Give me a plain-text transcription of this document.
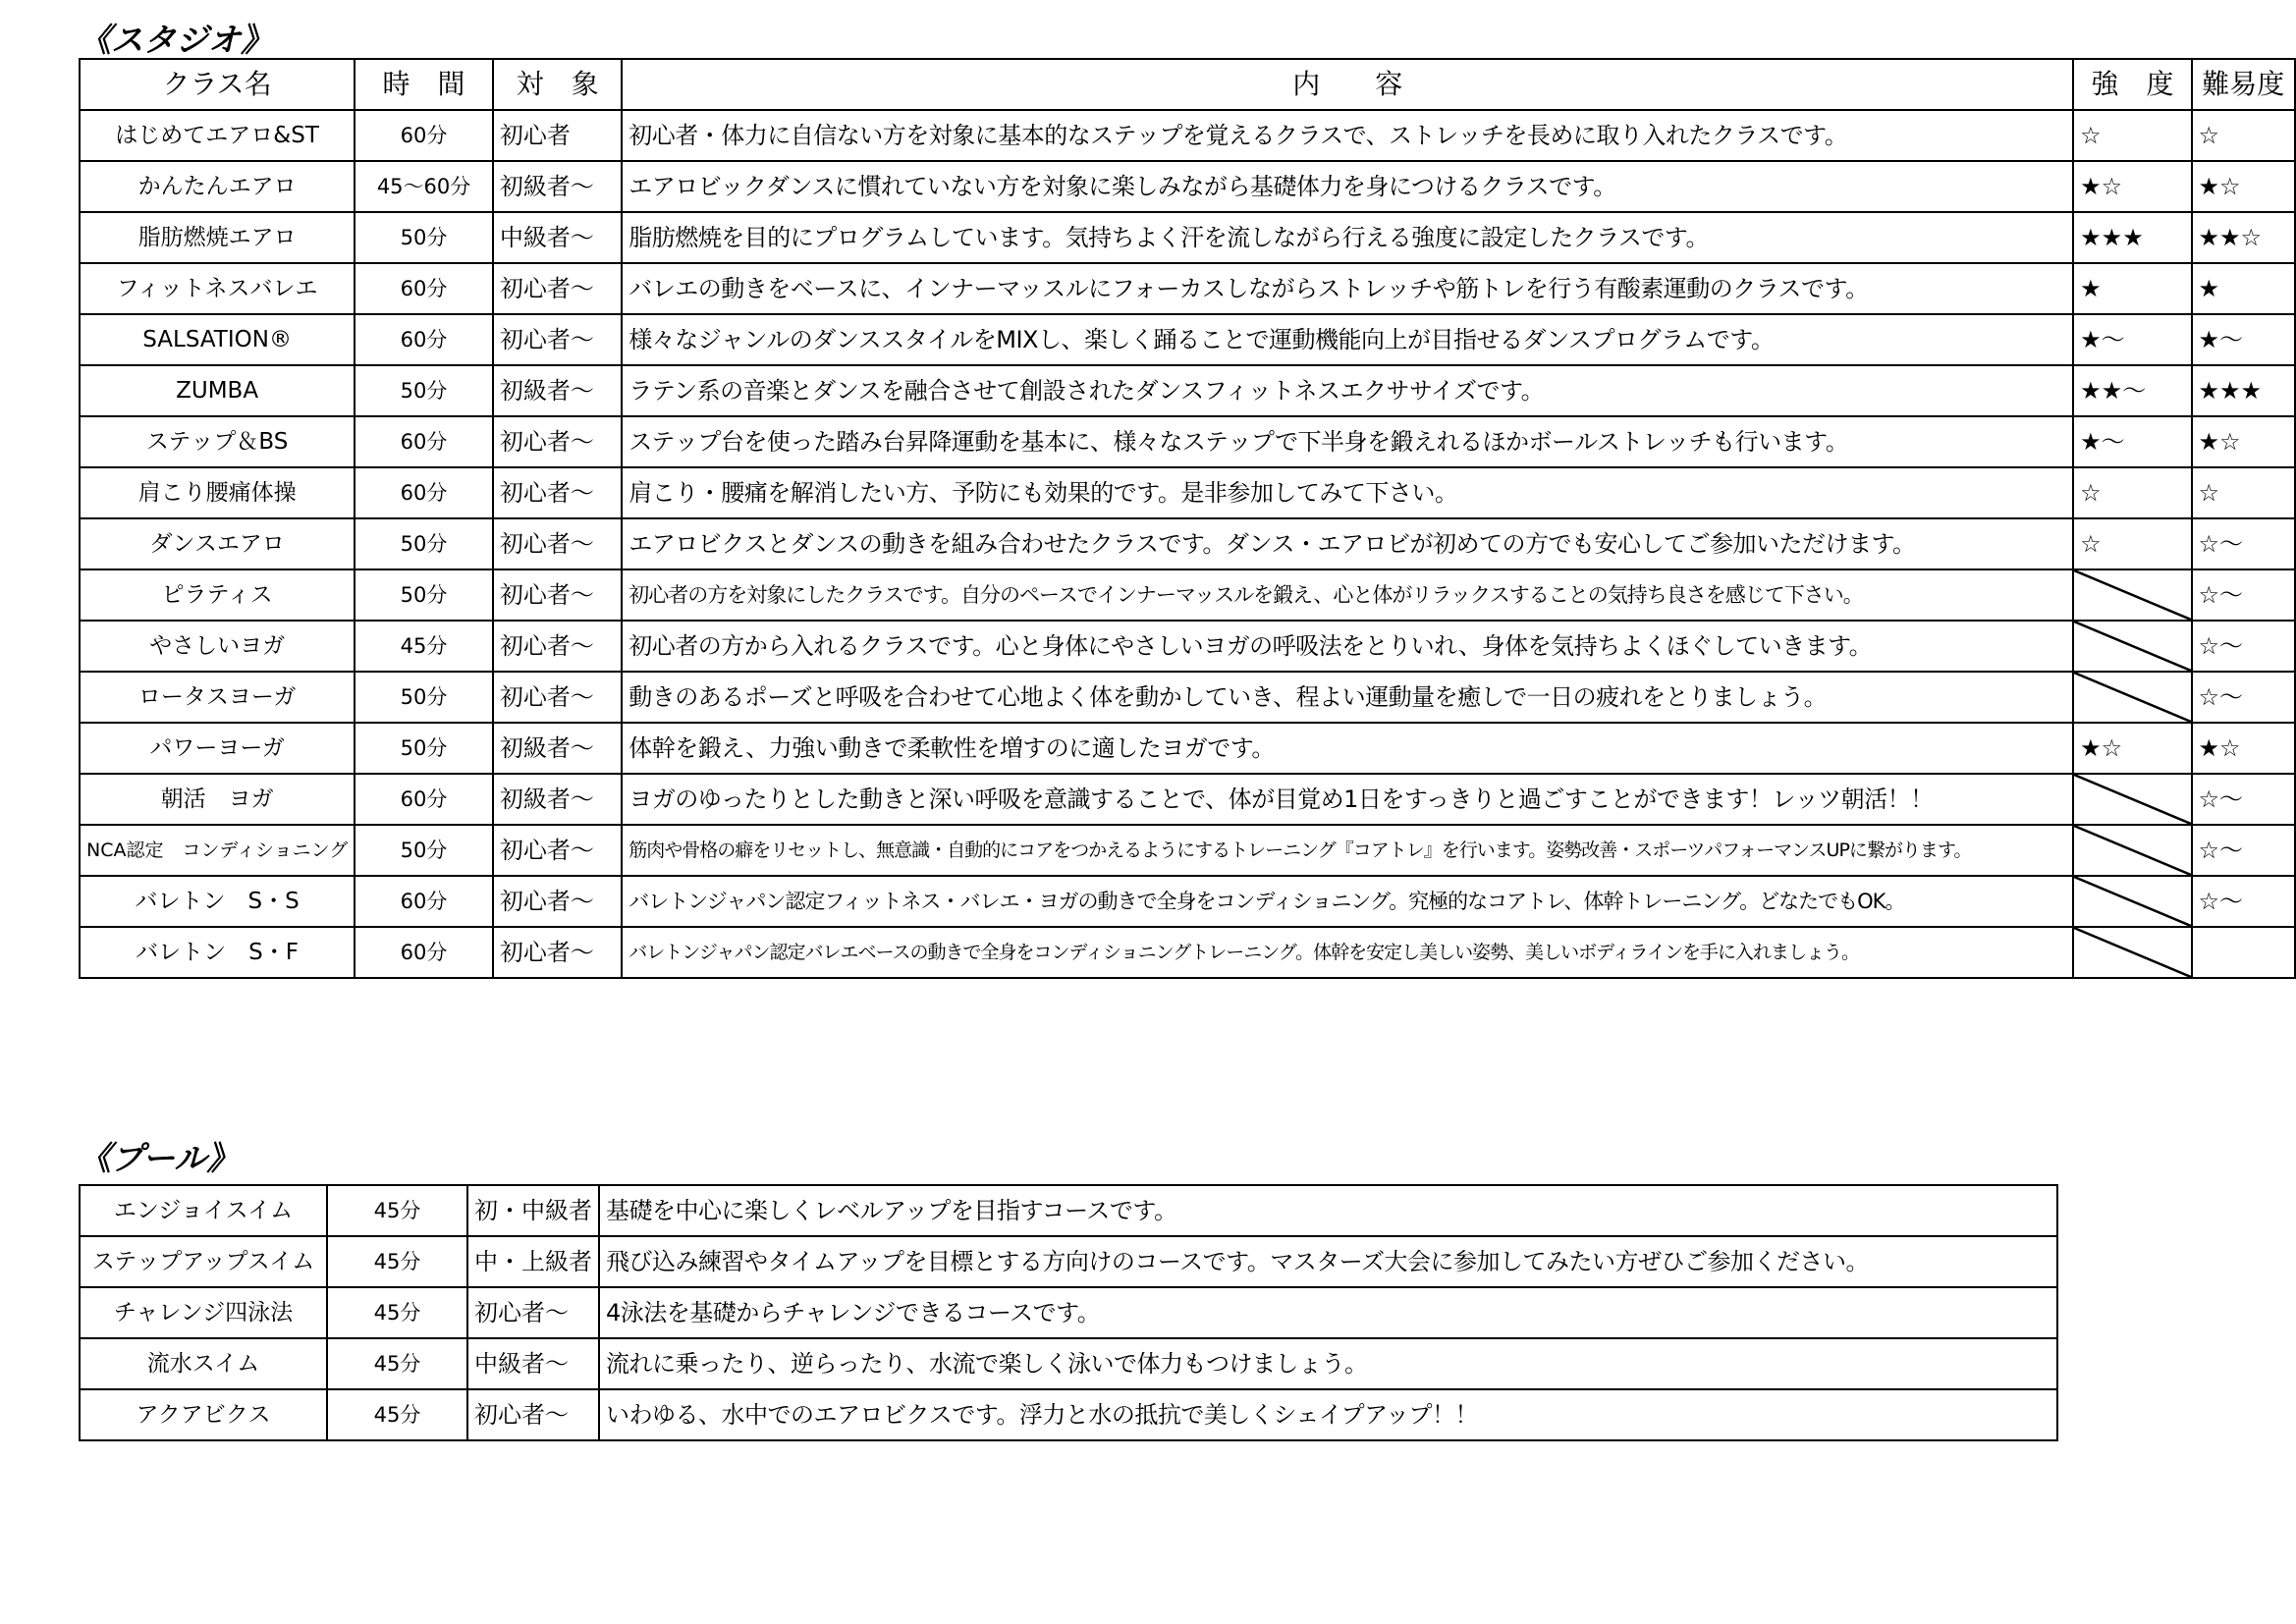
《スタジオ》
クラス名	時　間	対　象	内　　容	強　度	難易度
はじめてエアロ&ST	60分	初心者	初心者・体力に自信ない方を対象に基本的なステップを覚えるクラスで、ストレッチを長めに取り入れたクラスです。	☆	☆
かんたんエアロ	45～60分	初級者～	エアロビックダンスに慣れていない方を対象に楽しみながら基礎体力を身につけるクラスです。	★☆	★☆
脂肪燃焼エアロ	50分	中級者～	脂肪燃焼を目的にプログラムしています。気持ちよく汗を流しながら行える強度に設定したクラスです。	★★★	★★☆
フィットネスバレエ	60分	初心者～	バレエの動きをベースに、インナーマッスルにフォーカスしながらストレッチや筋トレを行う有酸素運動のクラスです。	★	★
SALSATION®	60分	初心者～	様々なジャンルのダンススタイルをMIXし、楽しく踊ることで運動機能向上が目指せるダンスプログラムです。	★～	★～
ZUMBA	50分	初級者～	ラテン系の音楽とダンスを融合させて創設されたダンスフィットネスエクササイズです。	★★～	★★★
ステップ＆BS	60分	初心者～	ステップ台を使った踏み台昇降運動を基本に、様々なステップで下半身を鍛えれるほかボールストレッチも行います。	★～	★☆
肩こり腰痛体操	60分	初心者～	肩こり・腰痛を解消したい方、予防にも効果的です。是非参加してみて下さい。	☆	☆
ダンスエアロ	50分	初心者～	エアロビクスとダンスの動きを組み合わせたクラスです。ダンス・エアロビが初めての方でも安心してご参加いただけます。	☆	☆～
ピラティス	50分	初心者～	初心者の方を対象にしたクラスです。自分のペースでインナーマッスルを鍛え、心と体がリラックスすることの気持ち良さを感じて下さい。		☆～
やさしいヨガ	45分	初心者～	初心者の方から入れるクラスです。心と身体にやさしいヨガの呼吸法をとりいれ、身体を気持ちよくほぐしていきます。		☆～
ロータスヨーガ	50分	初心者～	動きのあるポーズと呼吸を合わせて心地よく体を動かしていき、程よい運動量を癒しで一日の疲れをとりましょう。		☆～
パワーヨーガ	50分	初級者～	体幹を鍛え、力強い動きで柔軟性を増すのに適したヨガです。	★☆	★☆
朝活　ヨガ	60分	初級者～	ヨガのゆったりとした動きと深い呼吸を意識することで、体が目覚め1日をすっきりと過ごすことができます！レッツ朝活！！		☆～
NCA認定　コンディショニング	50分	初心者～	筋肉や骨格の癖をリセットし、無意識・自動的にコアをつかえるようにするトレーニング『コアトレ』を行います。姿勢改善・スポーツパフォーマンスUPに繋がります。		☆～
バレトン　S・S	60分	初心者～	バレトンジャパン認定フィットネス・バレエ・ヨガの動きで全身をコンディショニング。究極的なコアトレ、体幹トレーニング。どなたでもOK。		☆～
バレトン　S・F	60分	初心者～	バレトンジャパン認定バレエベースの動きで全身をコンディショニングトレーニング。体幹を安定し美しい姿勢、美しいボディラインを手に入れましょう。		
《プール》
エンジョイスイム	45分	初・中級者	基礎を中心に楽しくレベルアップを目指すコースです。
ステップアップスイム	45分	中・上級者	飛び込み練習やタイムアップを目標とする方向けのコースです。マスターズ大会に参加してみたい方ぜひご参加ください。
チャレンジ四泳法	45分	初心者～	4泳法を基礎からチャレンジできるコースです。
流水スイム	45分	中級者～	流れに乗ったり、逆らったり、水流で楽しく泳いで体力もつけましょう。
アクアビクス	45分	初心者～	いわゆる、水中でのエアロビクスです。浮力と水の抵抗で美しくシェイプアップ！！
